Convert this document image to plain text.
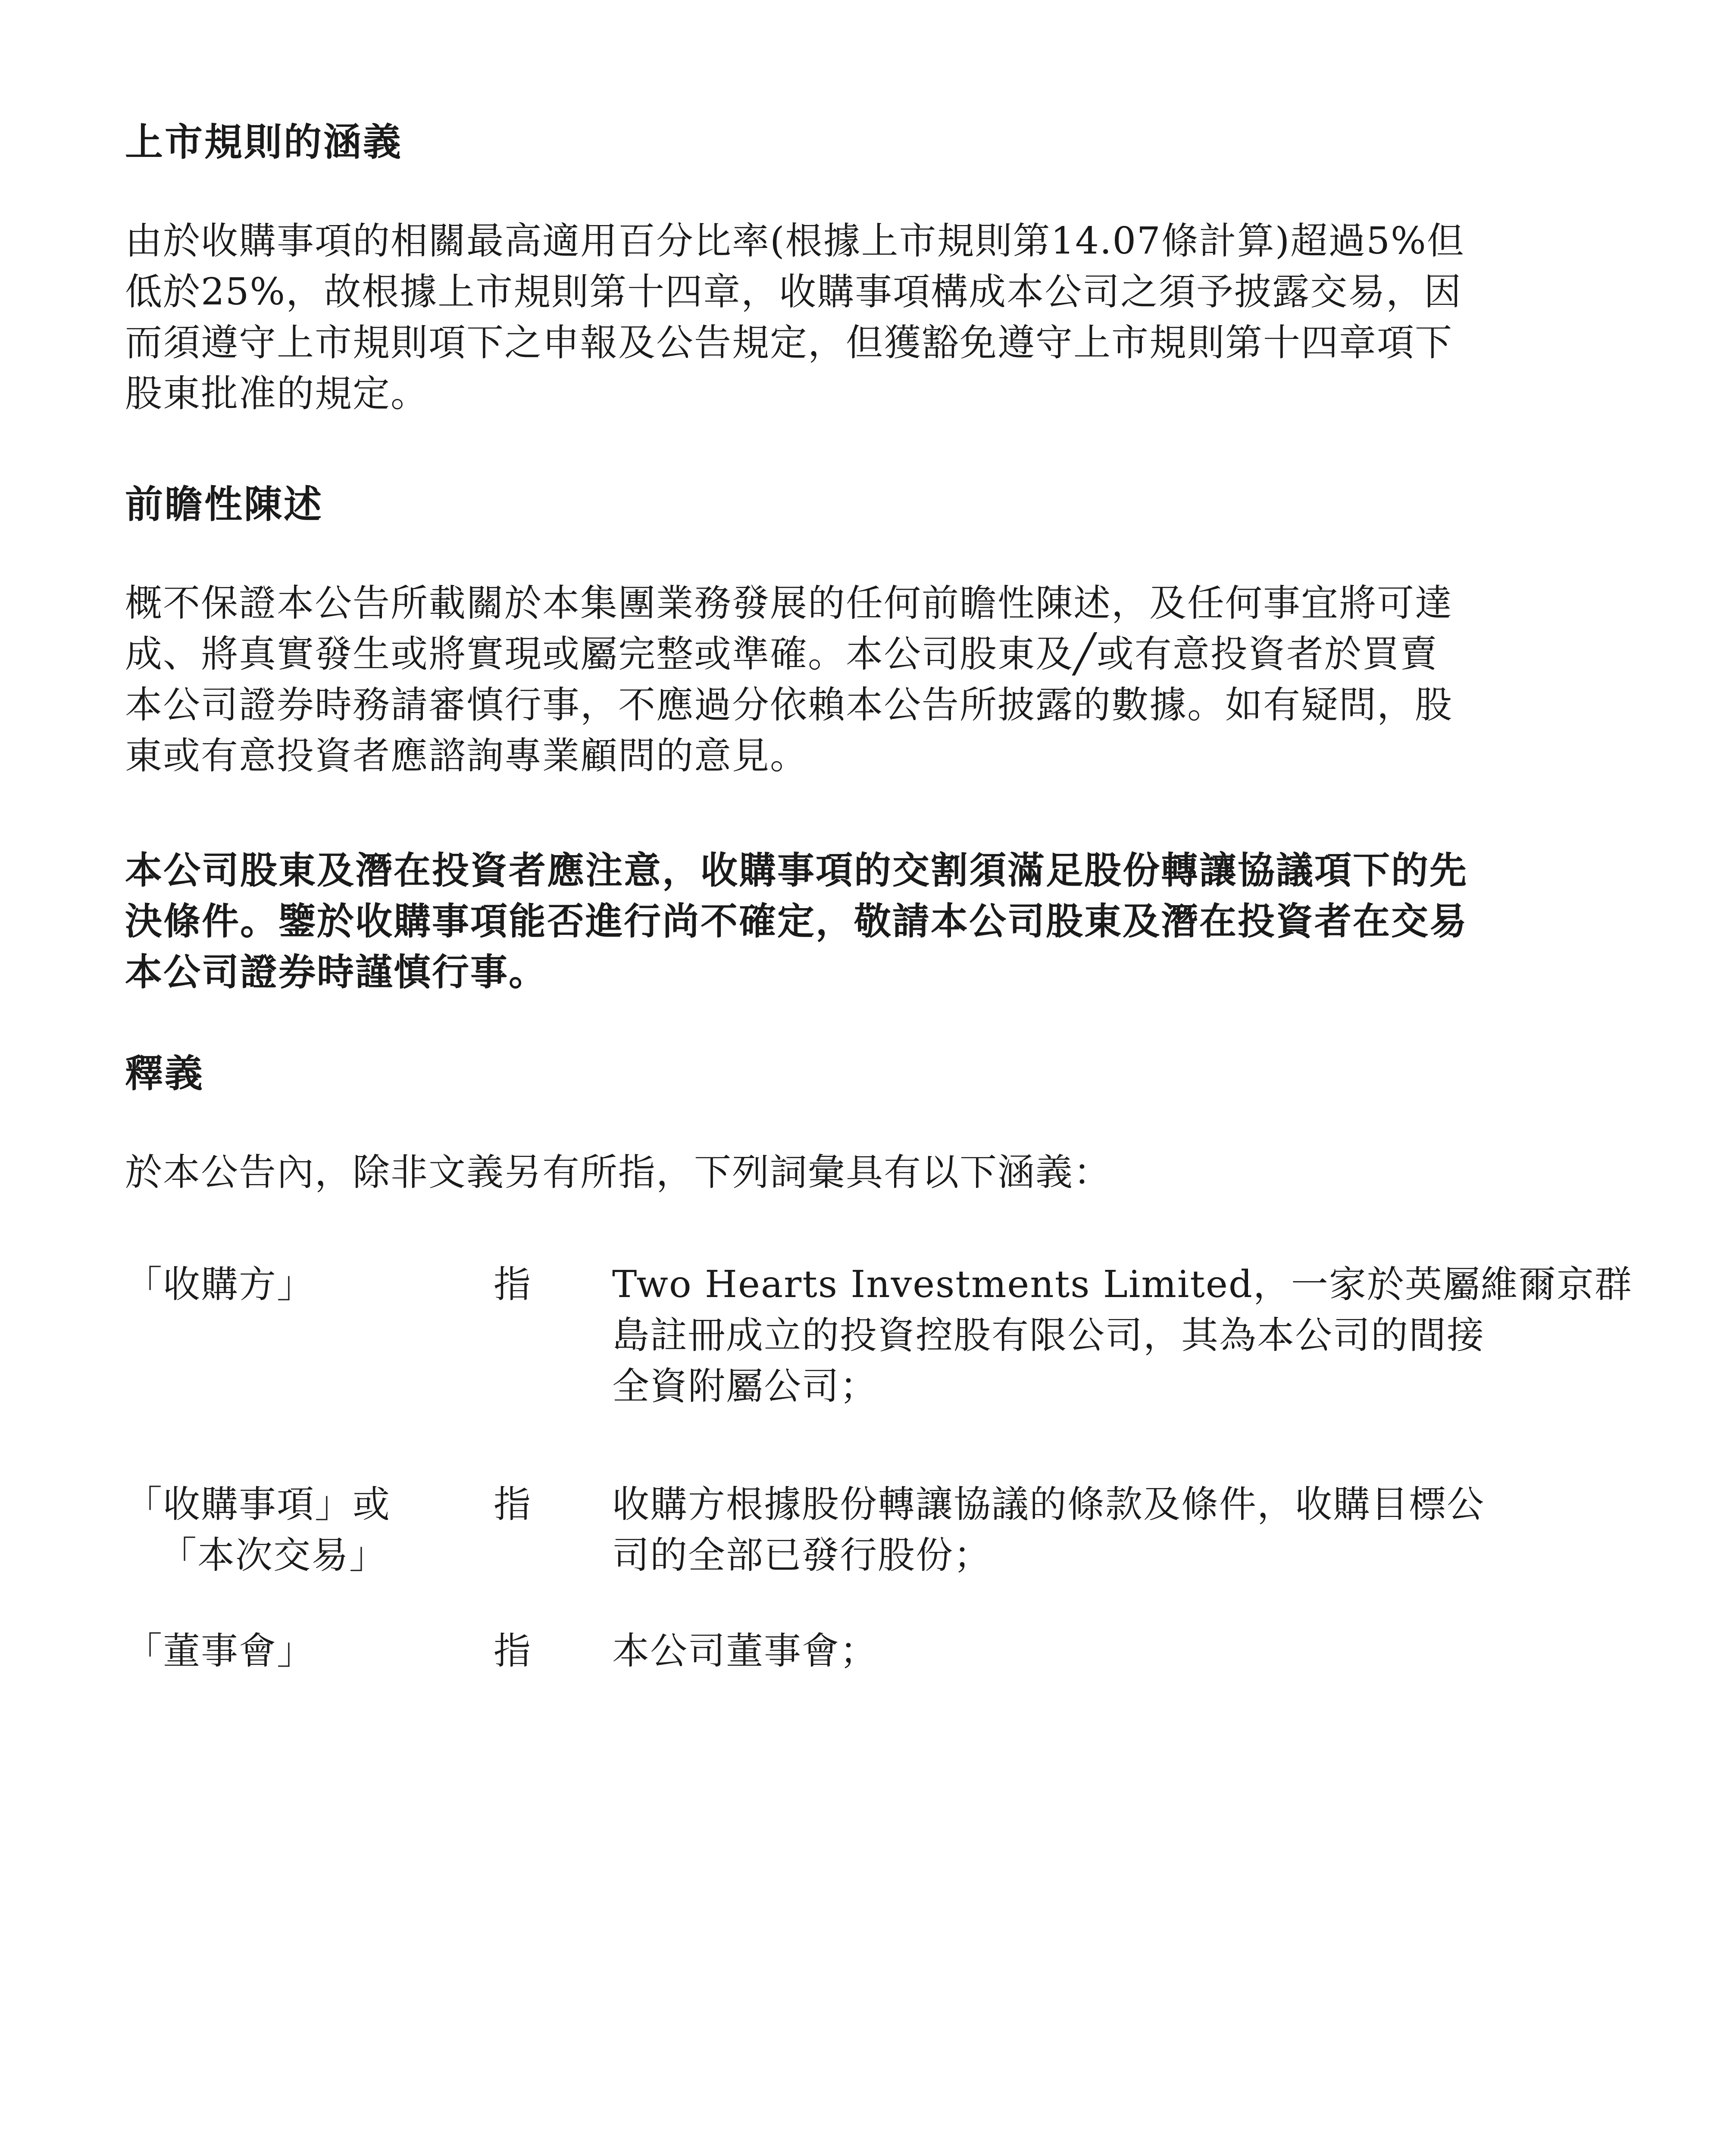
上市規則的涵義
由於收購事項的相關最高適用百分比率(根據上市規則第14.07條計算)超過5%但
低於25%，故根據上市規則第十四章，收購事項構成本公司之須予披露交易，因
而須遵守上市規則項下之申報及公告規定，但獲豁免遵守上市規則第十四章項下
股東批准的規定。
前瞻性陳述
概不保證本公告所載關於本集團業務發展的任何前瞻性陳述，及任何事宜將可達
成、將真實發生或將實現或屬完整或準確。本公司股東及╱或有意投資者於買賣
本公司證券時務請審慎行事，不應過分依賴本公告所披露的數據。如有疑問，股
東或有意投資者應諮詢專業顧問的意見。
本公司股東及潛在投資者應注意，收購事項的交割須滿足股份轉讓協議項下的先
決條件。鑒於收購事項能否進行尚不確定，敬請本公司股東及潛在投資者在交易
本公司證券時謹慎行事。
釋義
於本公告內，除非文義另有所指，下列詞彙具有以下涵義：
「收購方」	指 Two Hearts Investments Limited，一家於英屬維爾京群
島註冊成立的投資控股有限公司，其為本公司的間接
全資附屬公司；
「收購事項」或
「本次交易」
指 收購方根據股份轉讓協議的條款及條件，收購目標公
司的全部已發行股份；
「董事會」	指 本公司董事會；
